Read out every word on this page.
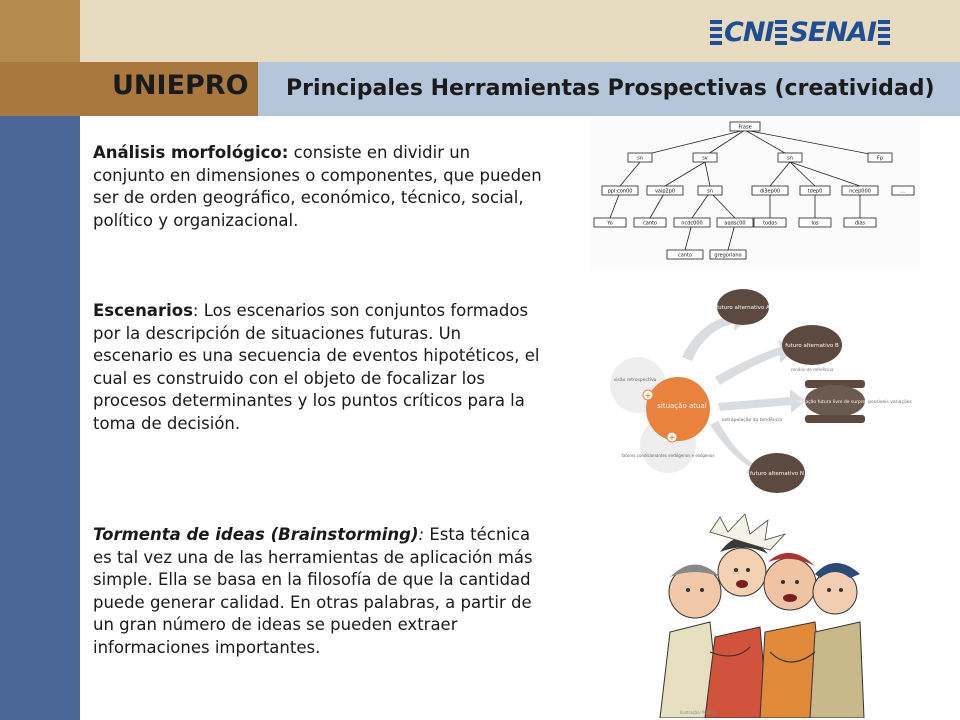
UNIEPRO Principales Herramientas Prospectivas (creatividad)
CNI SENAI
Análisis morfológico: consiste en dividir un conjunto en dimensiones o componentes, que pueden ser de orden geográfico, económico, técnico, social, político y organizacional.
Escenarios: Los escenarios son conjuntos formados por la descripción de situaciones futuras. Un escenario es una secuencia de eventos hipotéticos, el cual es construido con el objeto de focalizar los procesos determinantes y los puntos críticos para la toma de decisión.
Tormenta de ideas (Brainstorming): Esta técnica es tal vez una de las herramientas de aplicación más simple. Ella se basa en la filosofía de que la cantidad puede generar calidad. En otras palabras, a partir de un gran número de ideas se pueden extraer informaciones importantes.
Frase
sn	sv	sn	Fp
ppl:con00	vaip2p0	sn	di3ep00	tdep0	ncep000	...
Yo	canto	ncdc000	aqdsc00	todos	los	días
canto	gregoriano
+
+
situação atual
futuro alternativo A
futuro alternativo B
situação futura livre de surpresas
futuro alternativo N
visão retrospectiva
fatores condicionantes endógenos e exógenos
extrapolação da tendência
cenário de referência
possíveis variações
Ilustração: Mattei
